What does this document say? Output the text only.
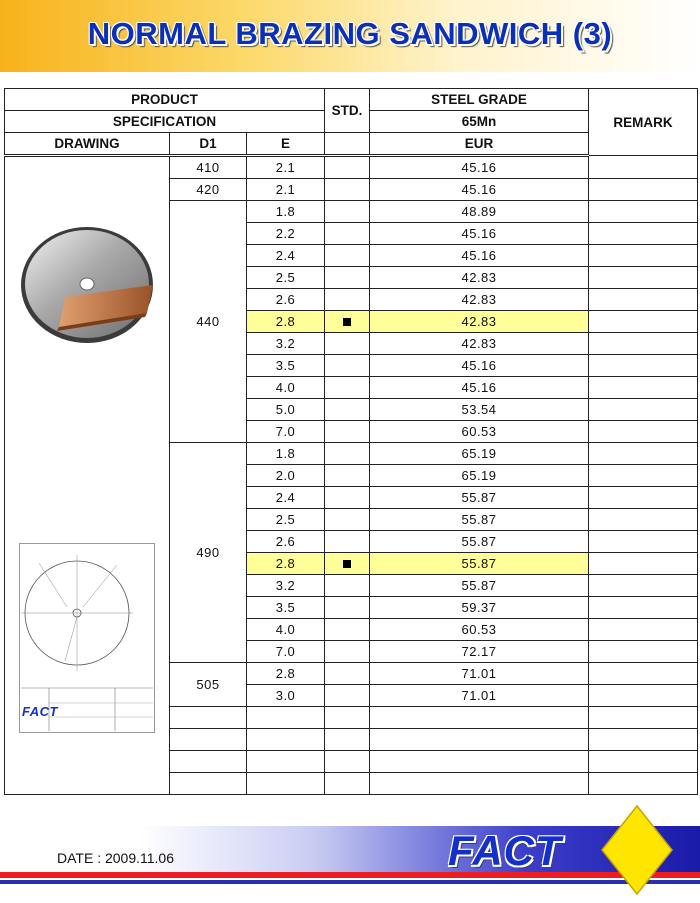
NORMAL BRAZING SANDWICH (3)
PRODUCT			STD.	STEEL GRADE	REMARK
SPECIFICATION				65Mn	
DRAWING	D1	E		EUR	

FACT	410	2.1		45.16	
	420	2.1		45.16	
	440	1.8		48.89	
		2.2		45.16	
		2.4		45.16	
		2.5		42.83	
		2.6		42.83	
		2.8		42.83	
		3.2		42.83	
		3.5		45.16	
		4.0		45.16	
		5.0		53.54	
		7.0		60.53	
	490	1.8		65.19	
		2.0		65.19	
		2.4		55.87	
		2.5		55.87	
		2.6		55.87	
		2.8		55.87	
		3.2		55.87	
		3.5		59.37	
		4.0		60.53	
		7.0		72.17	
	505	2.8		71.01	
		3.0		71.01	

DATE : 2009.11.06	FACT
